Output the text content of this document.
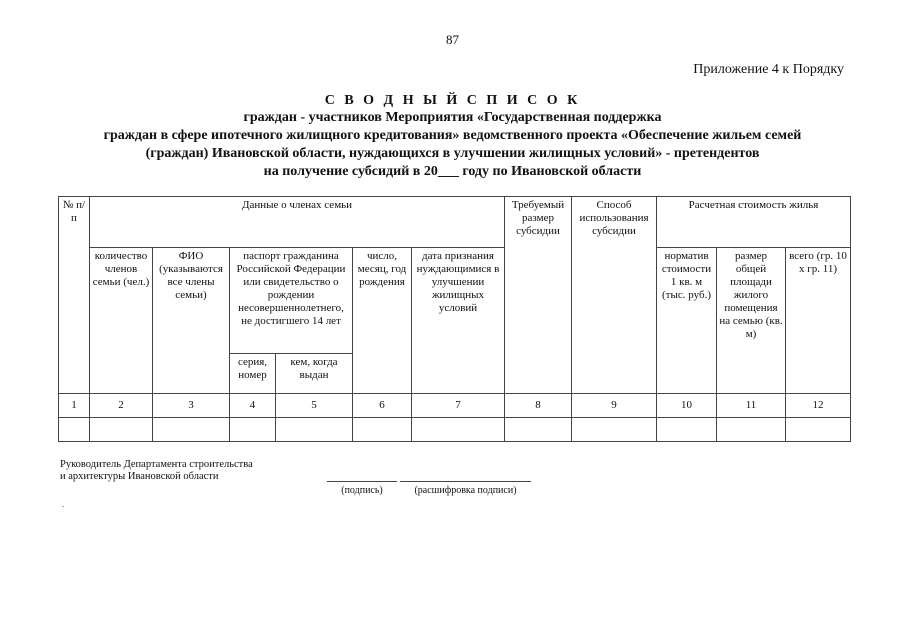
87
Приложение 4 к Порядку
С В О Д Н Ы Й С П И С О К
граждан - участников Мероприятия «Государственная поддержка
граждан в сфере ипотечного жилищного кредитования» ведомственного проекта «Обеспечение жильем семей
(граждан) Ивановской области, нуждающихся в улучшении жилищных условий» - претендентов
на получение субсидий в 20___ году по Ивановской области
№ п/п	Данные о членах семьи						Требуемый размер субсидии	Способ использования субсидии	Расчетная стоимость жилья		
	количество членов семьи (чел.)	ФИО (указываются все члены семьи)	паспорт гражданина Российской Федерации или свидетельство о рождении несовершеннолетнего, не достигшего 14 лет		число, месяц, год рождения	дата признания нуждающимися в улучшении жилищных условий			норматив стоимости 1 кв. м (тыс. руб.)	размер общей площади жилого помещения на семью (кв. м)	всего (гр. 10 х гр. 11)
			серия, номер	кем, когда выдан							
1	2	3	4	5	6	7	8	9	10	11	12

Руководитель Департамента строительства
и архитектуры Ивановской области
(подпись)	(расшифровка подписи)
.
